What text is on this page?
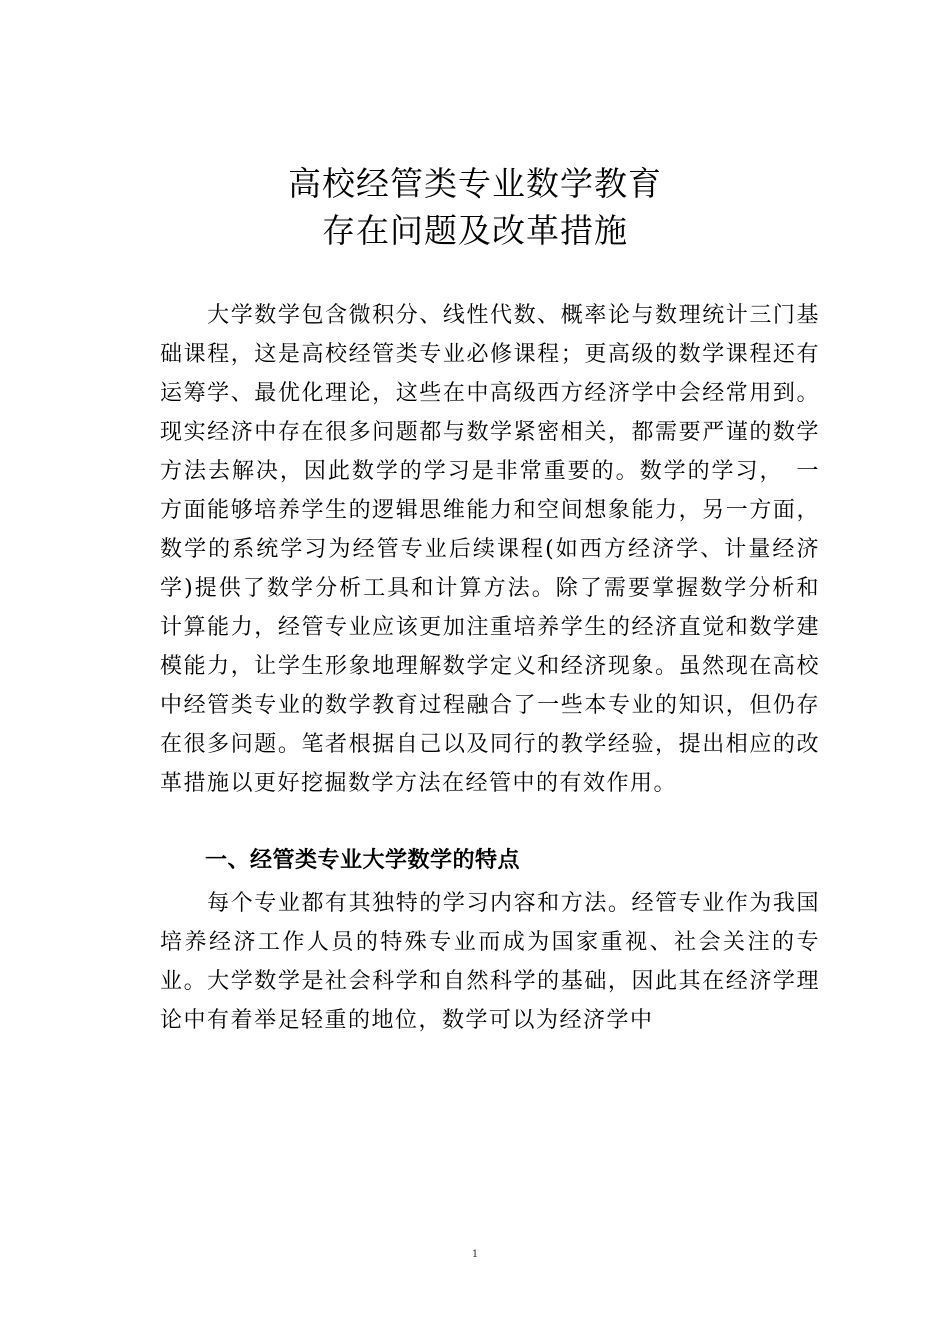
高校经管类专业数学教育
存在问题及改革措施

　　大学数学包含微积分、线性代数、概率论与数理统计三门基础课程，这是高校经管类专业必修课程；更高级的数学课程还有运筹学、最优化理论，这些在中高级西方经济学中会经常用到。现实经济中存在很多问题都与数学紧密相关，都需要严谨的数学方法去解决，因此数学的学习是非常重要的。数学的学习，　一方面能够培养学生的逻辑思维能力和空间想象能力，另一方面，数学的系统学习为经管专业后续课程(如西方经济学、计量经济学)提供了数学分析工具和计算方法。除了需要掌握数学分析和计算能力，经管专业应该更加注重培养学生的经济直觉和数学建模能力，让学生形象地理解数学定义和经济现象。虽然现在高校中经管类专业的数学教育过程融合了一些本专业的知识，但仍存在很多问题。笔者根据自己以及同行的教学经验，提出相应的改革措施以更好挖掘数学方法在经管中的有效作用。

一、经管类专业大学数学的特点

　　每个专业都有其独特的学习内容和方法。经管专业作为我国培养经济工作人员的特殊专业而成为国家重视、社会关注的专业。大学数学是社会科学和自然科学的基础，因此其在经济学理论中有着举足轻重的地位，数学可以为经济学中

1
